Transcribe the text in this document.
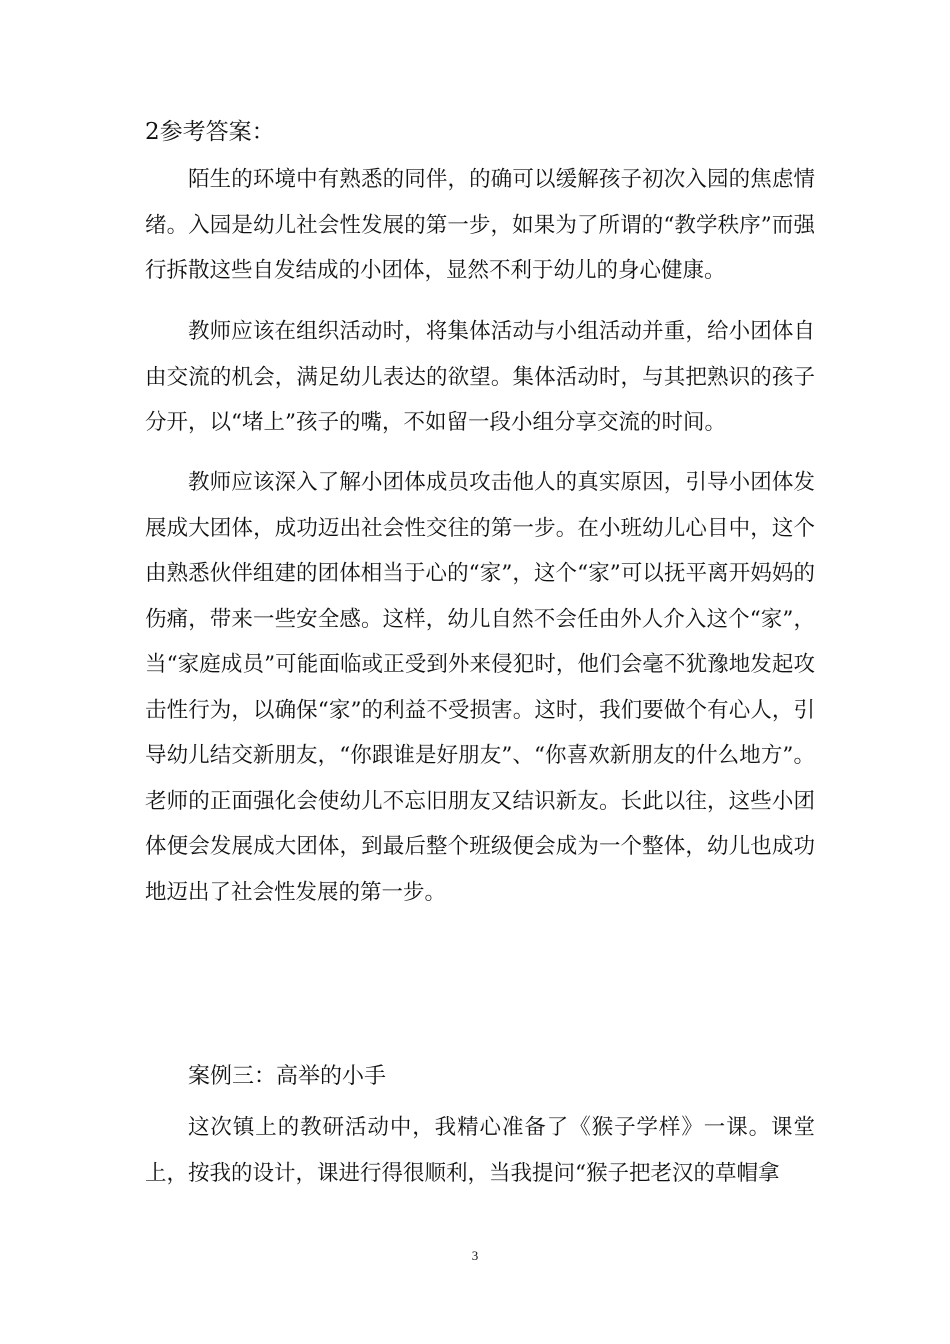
2参考答案：

陌生的环境中有熟悉的同伴，的确可以缓解孩子初次入园的焦虑情绪。入园是幼儿社会性发展的第一步，如果为了所谓的“教学秩序”而强行拆散这些自发结成的小团体，显然不利于幼儿的身心健康。

教师应该在组织活动时，将集体活动与小组活动并重，给小团体自由交流的机会，满足幼儿表达的欲望。集体活动时，与其把熟识的孩子分开，以“堵上”孩子的嘴，不如留一段小组分享交流的时间。

教师应该深入了解小团体成员攻击他人的真实原因，引导小团体发展成大团体，成功迈出社会性交往的第一步。在小班幼儿心目中，这个由熟悉伙伴组建的团体相当于心的“家”，这个“家”可以抚平离开妈妈的伤痛，带来一些安全感。这样，幼儿自然不会任由外人介入这个“家”，当“家庭成员”可能面临或正受到外来侵犯时，他们会毫不犹豫地发起攻击性行为，以确保“家”的利益不受损害。这时，我们要做个有心人，引导幼儿结交新朋友，“你跟谁是好朋友”、“你喜欢新朋友的什么地方”。老师的正面强化会使幼儿不忘旧朋友又结识新友。长此以往，这些小团体便会发展成大团体，到最后整个班级便会成为一个整体，幼儿也成功地迈出了社会性发展的第一步。

案例三：高举的小手

这次镇上的教研活动中，我精心准备了《猴子学样》一课。课堂上，按我的设计，课进行得很顺利，当我提问“猴子把老汉的草帽拿

3
